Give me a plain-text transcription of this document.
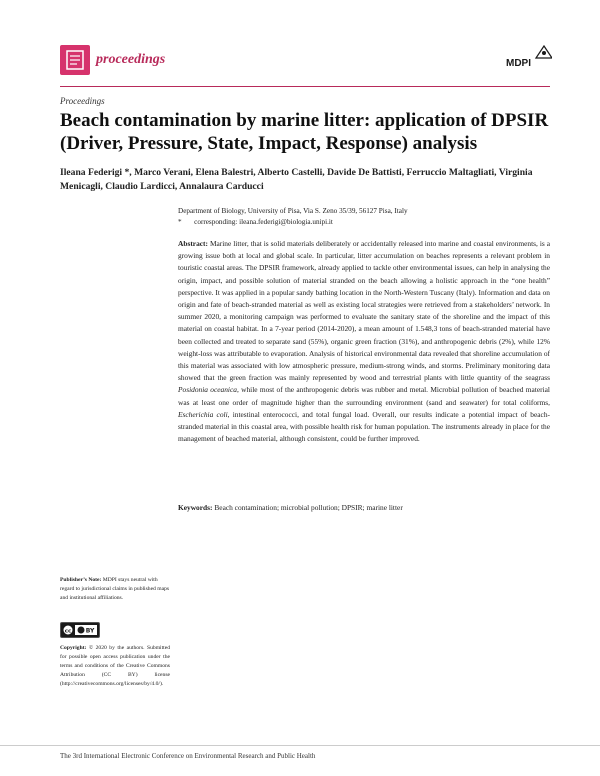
proceedings	MDPI
Proceedings
Beach contamination by marine litter: application of DPSIR (Driver, Pressure, State, Impact, Response) analysis
Ileana Federigi *, Marco Verani, Elena Balestri, Alberto Castelli, Davide De Battisti, Ferruccio Maltagliati, Virginia
Menicagli, Claudio Lardicci, Annalaura Carducci
Department of Biology, University of Pisa, Via S. Zeno 35/39, 56127 Pisa, Italy
*       corresponding: ileana.federigi@biologia.unipi.it
Abstract: Marine litter, that is solid materials deliberately or accidentally released into marine and coastal environments, is a growing issue both at local and global scale. In particular, litter accumulation on beaches represents a relevant problem in touristic coastal areas. The DPSIR framework, already applied to tackle other environmental issues, can help in analysing the origin, impact, and possible solution of material stranded on the beach allowing a holistic approach in the “one health” perspective. It was applied in a popular sandy bathing location in the North-Western Tuscany (Italy). Information and data on origin and fate of beach-stranded material as well as existing local strategies were retrieved from a stakeholders’ network. In summer 2020, a monitoring campaign was performed to evaluate the sanitary state of the shoreline and the impact of this material on coastal habitat. In a 7-year period (2014-2020), a mean amount of 1.548,3 tons of beach-stranded material have been collected and treated to separate sand (55%), organic green fraction (31%), and anthropogenic debris (2%), while 12% weight-loss was attributable to evaporation. Analysis of historical environmental data revealed that shoreline accumulation of this material was associated with low atmospheric pressure, medium-strong winds, and storms. Preliminary monitoring data showed that the green fraction was mainly represented by wood and terrestrial plants with little quantity of the seagrass Posidonia oceanica, while most of the anthropogenic debris was rubber and metal. Microbial pollution of beached material was at least one order of magnitude higher than the surrounding environment (sand and seawater) for total coliforms, Escherichia coli, intestinal enterococci, and total fungal load. Overall, our results indicate a potential impact of beach-stranded material in this coastal area, with possible health risk for human population. The instruments already in place for the management of beached material, although consistent, could be further improved.
Keywords: Beach contamination; microbial pollution; DPSIR; marine litter
Publisher’s Note: MDPI stays neutral with regard to jurisdictional claims in published maps and institutional affiliations.
cc BY
Copyright: © 2020 by the authors. Submitted for possible open access publication under the terms and conditions of the Creative Commons Attribution (CC BY) license (http://creativecommons.org/licenses/by/4.0/).
The 3rd International Electronic Conference on Environmental Research and Public Health
